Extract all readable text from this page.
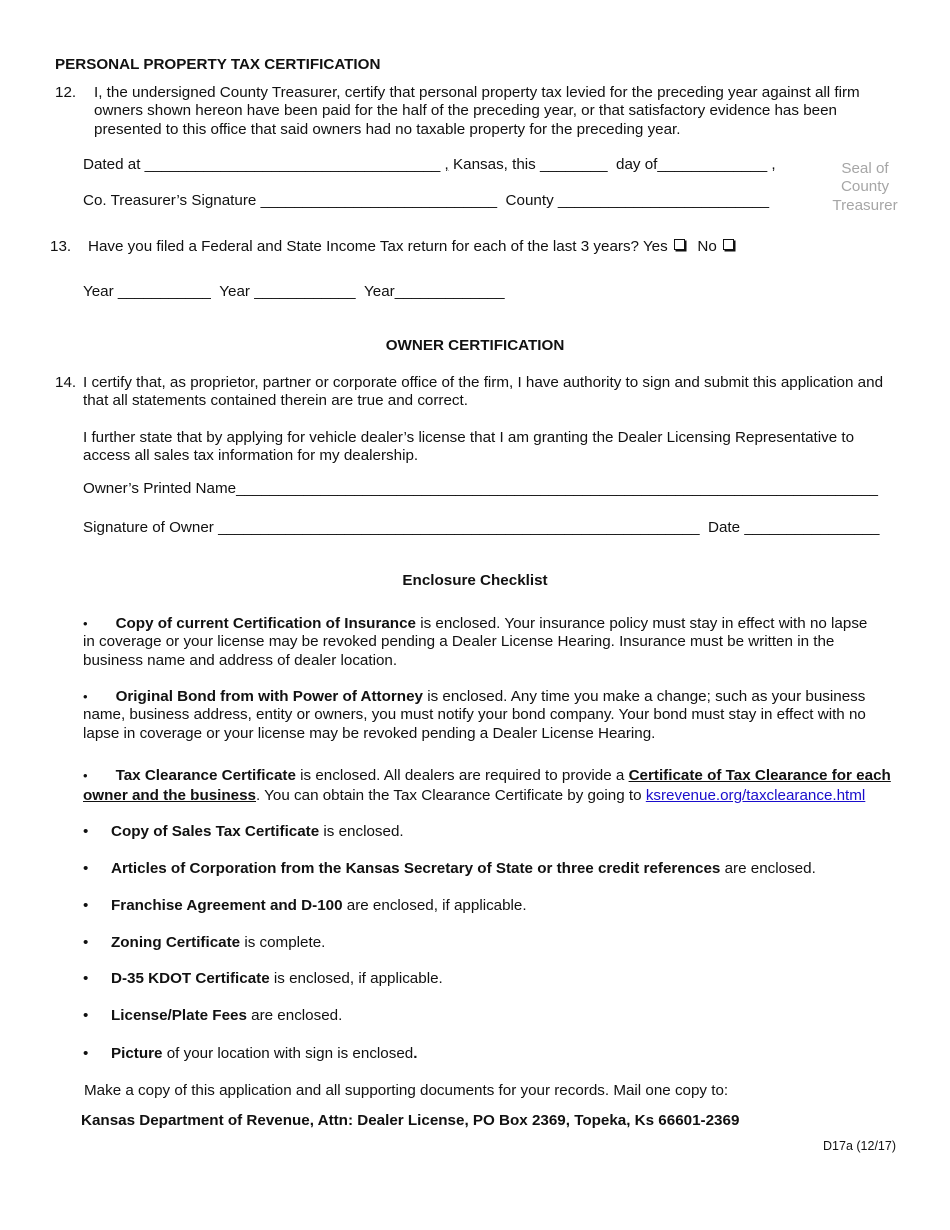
PERSONAL PROPERTY TAX CERTIFICATION
12. I, the undersigned County Treasurer, certify that personal property tax levied for the preceding year against all firm owners shown hereon have been paid for the half of the preceding year, or that satisfactory evidence has been presented to this office that said owners had no taxable property for the preceding year.
Dated at ___________________________________ , Kansas, this ________ day of_____________ ,
Co. Treasurer’s Signature ____________________________ County _________________________
Seal of County Treasurer
13. Have you filed a Federal and State Income Tax return for each of the last 3 years? Yes No
Year ___________ Year ____________ Year_____________
OWNER CERTIFICATION
14. I certify that, as proprietor, partner or corporate office of the firm, I have authority to sign and submit this application and that all statements contained therein are true and correct.
I further state that by applying for vehicle dealer’s license that I am granting the Dealer Licensing Representative to access all sales tax information for my dealership.
Owner’s Printed Name____________________________________________________________________________
Signature of Owner _________________________________________________________ Date ________________
Enclosure Checklist
• Copy of current Certification of Insurance is enclosed. Your insurance policy must stay in effect with no lapse in coverage or your license may be revoked pending a Dealer License Hearing. Insurance must be written in the business name and address of dealer location.
• Original Bond from with Power of Attorney is enclosed. Any time you make a change; such as your business name, business address, entity or owners, you must notify your bond company. Your bond must stay in effect with no lapse in coverage or your license may be revoked pending a Dealer License Hearing.
• Tax Clearance Certificate is enclosed. All dealers are required to provide a Certificate of Tax Clearance for each owner and the business. You can obtain the Tax Clearance Certificate by going to ksrevenue.org/taxclearance.html
• Copy of Sales Tax Certificate is enclosed.
• Articles of Corporation from the Kansas Secretary of State or three credit references are enclosed.
• Franchise Agreement and D-100 are enclosed, if applicable.
• Zoning Certificate is complete.
• D-35 KDOT Certificate is enclosed, if applicable.
• License/Plate Fees are enclosed.
• Picture of your location with sign is enclosed.
Make a copy of this application and all supporting documents for your records. Mail one copy to:
Kansas Department of Revenue, Attn: Dealer License, PO Box 2369, Topeka, Ks 66601-2369
D17a (12/17)
